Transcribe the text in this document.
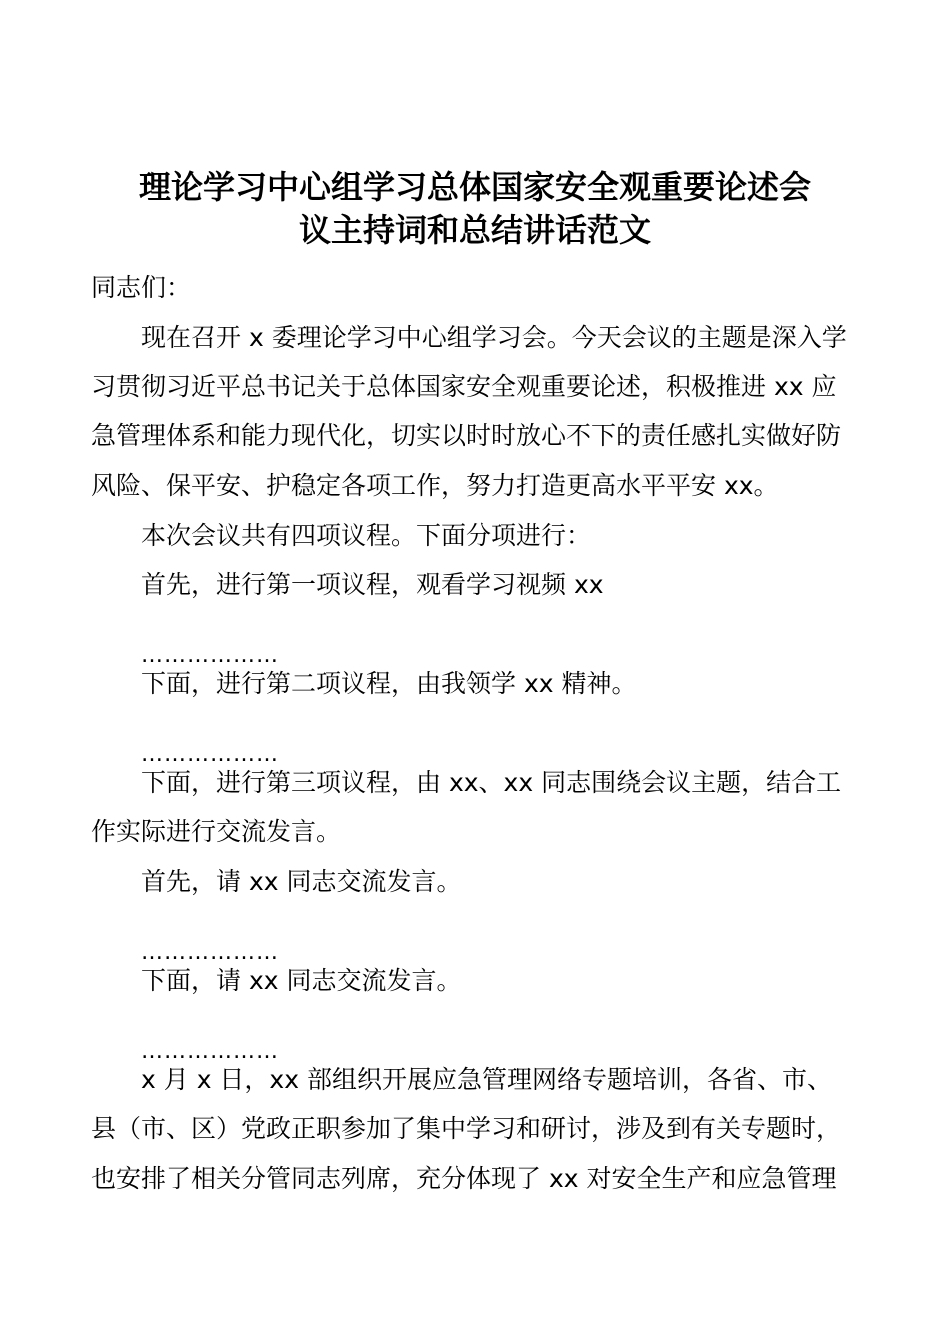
理论学习中心组学习总体国家安全观重要论述会
议主持词和总结讲话范文

同志们：

现在召开 x 委理论学习中心组学习会。今天会议的主题是深入学

习贯彻习近平总书记关于总体国家安全观重要论述，积极推进 xx 应

急管理体系和能力现代化，切实以时时放心不下的责任感扎实做好防

风险、保平安、护稳定各项工作，努力打造更高水平平安 xx。

本次会议共有四项议程。下面分项进行：

首先，进行第一项议程，观看学习视频 xx

………………

下面，进行第二项议程，由我领学 xx 精神。

………………

下面，进行第三项议程，由 xx、xx 同志围绕会议主题，结合工

作实际进行交流发言。

首先，请 xx 同志交流发言。

………………

下面，请 xx 同志交流发言。

………………

x 月 x 日，xx 部组织开展应急管理网络专题培训，各省、市、

县（市、区）党政正职参加了集中学习和研讨，涉及到有关专题时，

也安排了相关分管同志列席，充分体现了 xx 对安全生产和应急管理
